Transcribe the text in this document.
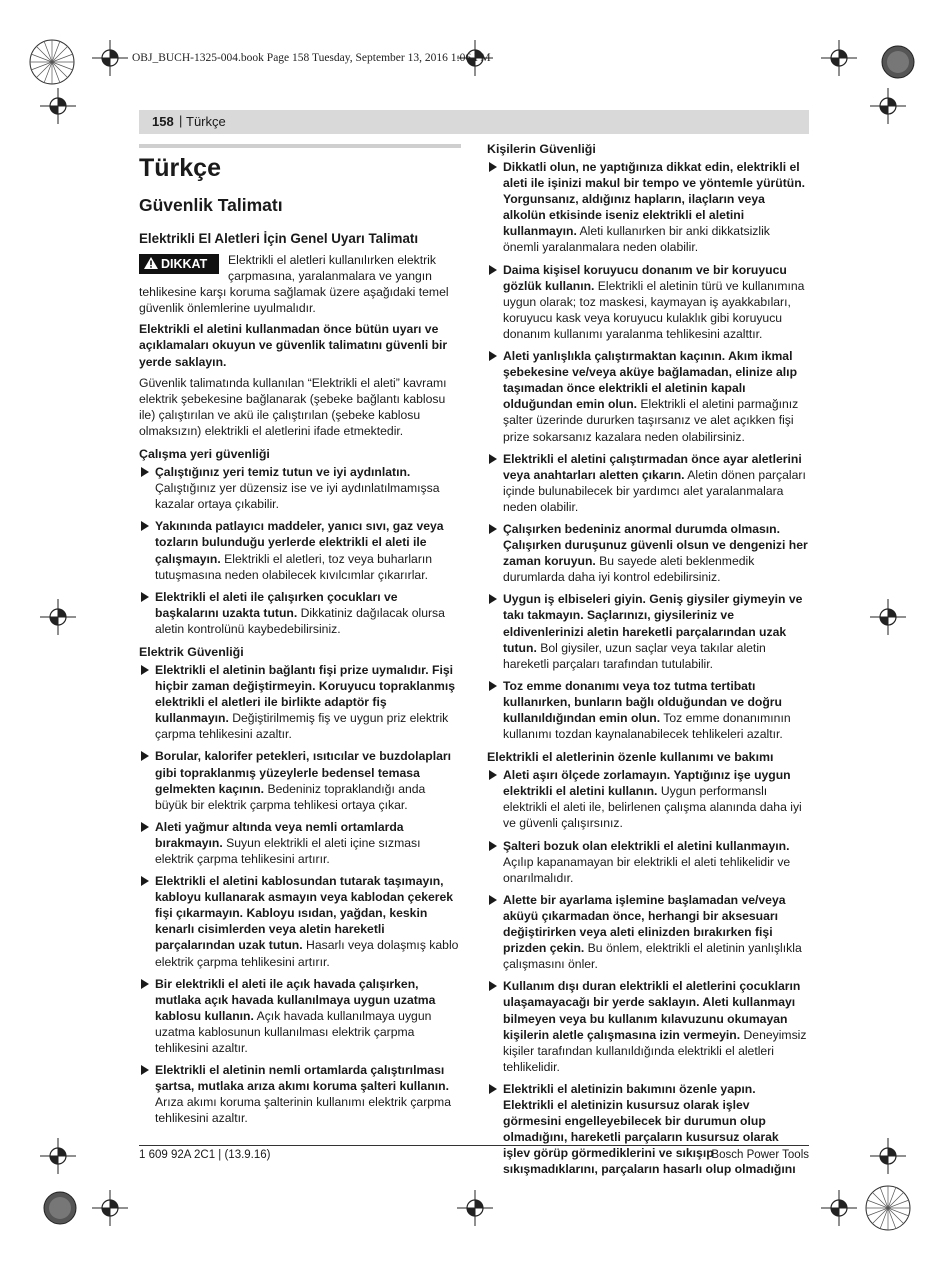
OBJ_BUCH-1325-004.book Page 158 Tuesday, September 13, 2016 1:06 PM
158 | Türkçe
Türkçe
Güvenlik Talimatı
Elektrikli El Aletleri İçin Genel Uyarı Talimatı
DIKKAT	Elektrikli el aletleri kullanılırken elektrik çarpmasına, yaralanmalara ve yangın tehlikesine karşı koruma sağlamak üzere aşağıdaki temel güvenlik önlemlerine uyulmalıdır.

Elektrikli el aletini kullanmadan önce bütün uyarı ve açıklamaları okuyun ve güvenlik talimatını güvenli bir yerde saklayın.

Güvenlik talimatında kullanılan “Elektrikli el aleti” kavramı elektrik şebekesine bağlanarak (şebeke bağlantı kablosu ile) çalıştırılan ve akü ile çalıştırılan (şebeke kablosu olmaksızın) elektrikli el aletlerini ifade etmektedir.

Çalışma yeri güvenliği
Çalıştığınız yeri temiz tutun ve iyi aydınlatın. Çalıştığınız yer düzensiz ise ve iyi aydınlatılmamışsa kazalar ortaya çıkabilir.
Yakınında patlayıcı maddeler, yanıcı sıvı, gaz veya tozların bulunduğu yerlerde elektrikli el aleti ile çalışmayın. Elektrikli el aletleri, toz veya buharların tutuşmasına neden olabilecek kıvılcımlar çıkarırlar.
Elektrikli el aleti ile çalışırken çocukları ve başkalarını uzakta tutun. Dikkatiniz dağılacak olursa aletin kontrolünü kaybedebilirsiniz.
Elektrik Güvenliği
Elektrikli el aletinin bağlantı fişi prize uymalıdır. Fişi hiçbir zaman değiştirmeyin. Koruyucu topraklanmış elektrikli el aletleri ile birlikte adaptör fiş kullanmayın. Değiştirilmemiş fiş ve uygun priz elektrik çarpma tehlikesini azaltır.
Borular, kalorifer petekleri, ısıtıcılar ve buzdolapları gibi topraklanmış yüzeylerle bedensel temasa gelmekten kaçının. Bedeniniz topraklandığı anda büyük bir elektrik çarpma tehlikesi ortaya çıkar.
Aleti yağmur altında veya nemli ortamlarda bırakmayın. Suyun elektrikli el aleti içine sızması elektrik çarpma tehlikesini artırır.
Elektrikli el aletini kablosundan tutarak taşımayın, kabloyu kullanarak asmayın veya kablodan çekerek fişi çıkarmayın. Kabloyu ısıdan, yağdan, keskin kenarlı cisimlerden veya aletin hareketli parçalarından uzak tutun. Hasarlı veya dolaşmış kablo elektrik çarpma tehlikesini artırır.
Bir elektrikli el aleti ile açık havada çalışırken, mutlaka açık havada kullanılmaya uygun uzatma kablosu kullanın. Açık havada kullanılmaya uygun uzatma kablosunun kullanılması elektrik çarpma tehlikesini azaltır.
Elektrikli el aletinin nemli ortamlarda çalıştırılması şartsa, mutlaka arıza akımı koruma şalteri kullanın. Arıza akımı koruma şalterinin kullanımı elektrik çarpma tehlikesini azaltır.
Kişilerin Güvenliği
Dikkatli olun, ne yaptığınıza dikkat edin, elektrikli el aleti ile işinizi makul bir tempo ve yöntemle yürütün. Yorgunsanız, aldığınız hapların, ilaçların veya alkolün etkisinde iseniz elektrikli el aletini kullanmayın. Aleti kullanırken bir anki dikkatsizlik önemli yaralanmalara neden olabilir.
Daima kişisel koruyucu donanım ve bir koruyucu gözlük kullanın. Elektrikli el aletinin türü ve kullanımına uygun olarak; toz maskesi, kaymayan iş ayakkabıları, koruyucu kask veya koruyucu kulaklık gibi koruyucu donanım kullanımı yaralanma tehlikesini azalttır.
Aleti yanlışlıkla çalıştırmaktan kaçının. Akım ikmal şebekesine ve/veya aküye bağlamadan, elinize alıp taşımadan önce elektrikli el aletinin kapalı olduğundan emin olun. Elektrikli el aletini parmağınız şalter üzerinde dururken taşırsanız ve alet açıkken fişi prize sokarsanız kazalara neden olabilirsiniz.
Elektrikli el aletini çalıştırmadan önce ayar aletlerini veya anahtarları aletten çıkarın. Aletin dönen parçaları içinde bulunabilecek bir yardımcı alet yaralanmalara neden olabilir.
Çalışırken bedeniniz anormal durumda olmasın. Çalışırken duruşunuz güvenli olsun ve dengenizi her zaman koruyun. Bu sayede aleti beklenmedik durumlarda daha iyi kontrol edebilirsiniz.
Uygun iş elbiseleri giyin. Geniş giysiler giymeyin ve takı takmayın. Saçlarınızı, giysileriniz ve eldivenlerinizi aletin hareketli parçalarından uzak tutun. Bol giysiler, uzun saçlar veya takılar aletin hareketli parçaları tarafından tutulabilir.
Toz emme donanımı veya toz tutma tertibatı kullanırken, bunların bağlı olduğundan ve doğru kullanıldığından emin olun. Toz emme donanımının kullanımı tozdan kaynalanabilecek tehlikeleri azaltır.
Elektrikli el aletlerinin özenle kullanımı ve bakımı
Aleti aşırı ölçede zorlamayın. Yaptığınız işe uygun elektrikli el aletini kullanın. Uygun performanslı elektrikli el aleti ile, belirlenen çalışma alanında daha iyi ve güvenli çalışırsınız.
Şalteri bozuk olan elektrikli el aletini kullanmayın. Açılıp kapanamayan bir elektrikli el aleti tehlikelidir ve onarılmalıdır.
Alette bir ayarlama işlemine başlamadan ve/veya aküyü çıkarmadan önce, herhangi bir aksesuarı değiştirirken veya aleti elinizden bırakırken fişi prizden çekin. Bu önlem, elektrikli el aletinin yanlışlıkla çalışmasını önler.
Kullanım dışı duran elektrikli el aletlerini çocukların ulaşamayacağı bir yerde saklayın. Aleti kullanmayı bilmeyen veya bu kullanım kılavuzunu okumayan kişilerin aletle çalışmasına izin vermeyin. Deneyimsiz kişiler tarafından kullanıldığında elektrikli el aletleri tehlikelidir.
Elektrikli el aletinizin bakımını özenle yapın. Elektrikli el aletinizin kusursuz olarak işlev görmesini engelleyebilecek bir durumun olup olmadığını, hareketli parçaların kusursuz olarak işlev görüp görmediklerini ve sıkışıp sıkışmadıklarını, parçaların hasarlı olup olmadığını
1 609 92A 2C1 | (13.9.16)	Bosch Power Tools
